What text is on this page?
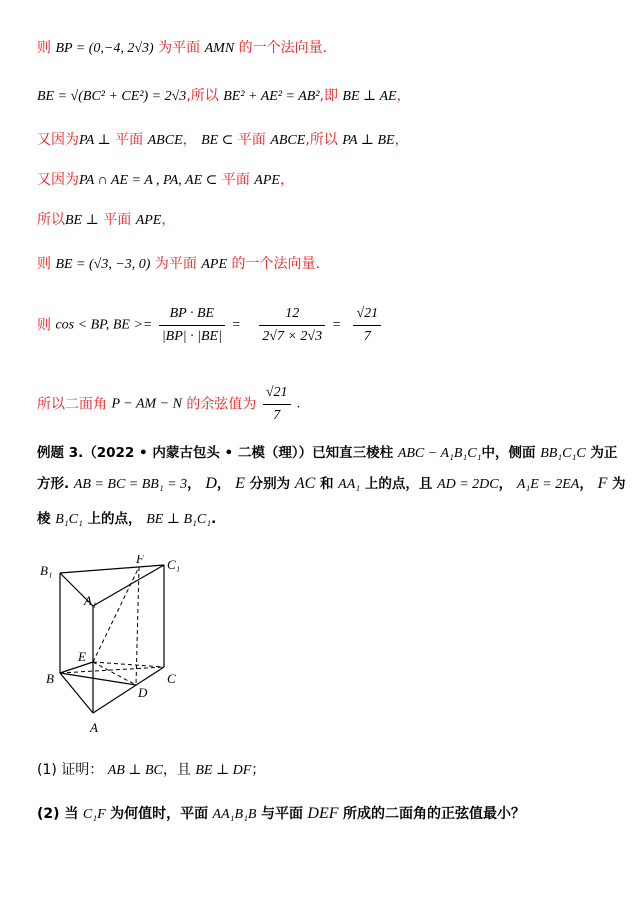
则 BP = (0,−4, 2√3) 为平面 AMN 的一个法向量.
BE = √(BC² + CE²) = 2√3,所以 BE² + AE² = AB²,即 BE ⊥ AE，
又因为PA ⊥ 平面 ABCE， BE ⊂ 平面 ABCE,所以 PA ⊥ BE，
又因为PA ∩ AE = A , PA, AE ⊂ 平面 APE，
所以BE ⊥ 平面 APE，
则 BE = (√3, −3, 0) 为平面 APE 的一个法向量.
则 cos < BP, BE >= $\frac{BP \cdot BE}{|BP| \cdot |BE|} = \frac{12}{2√7 \times 2√3} = \frac{√21}{7}$
所以二面角 P − AM − N 的余弦值为 $\frac{√21}{7}$ .
例题 3.（2022 • 内蒙古包头 • 二模（理））已知直三棱柱 ABC − A₁B₁C₁中，侧面 BB₁C₁C 为正
方形. AB = BC = BB₁ = 3， D， E 分别为 AC 和 AA₁ 上的点，且 AD = 2DC， A₁E = 2EA， F 为
棱 B₁C₁ 上的点， BE ⊥ B₁C₁.
B₁	C₁
A₁
F
E
B	C
D
A
(1) 证明： AB ⊥ BC，且 BE ⊥ DF；
(2) 当 C₁F 为何值时，平面 AA₁B₁B 与平面 DEF 所成的二面角的正弦值最小？
